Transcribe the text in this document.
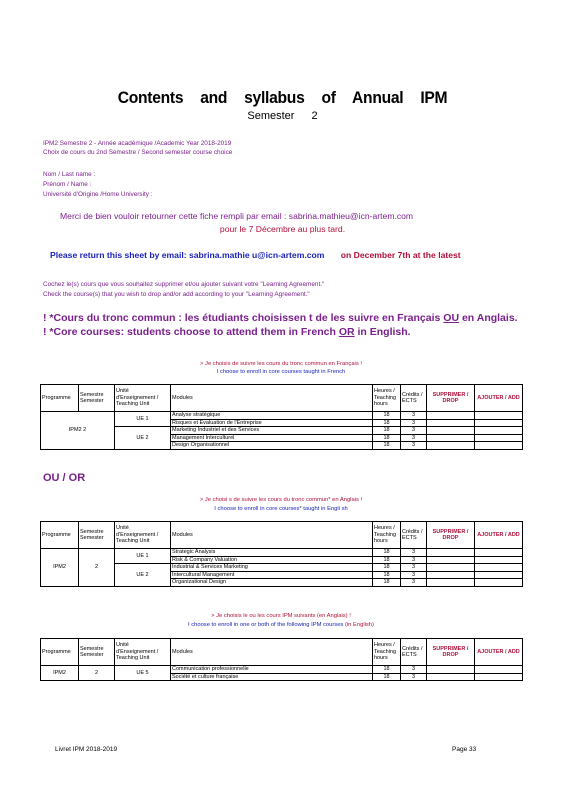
Contents and syllabus of Annual IPM
Semester 2
IPM2 Semestre 2 - Année académique /Academic Year 2018-2019
Choix de cours du 2nd Semestre / Second semester course choice
Nom / Last name :
Prénom / Name :
Université d'Origine /Home University :
Merci de bien vouloir retourner cette fiche rempli par email : sabrina.mathieu@icn-artem.com
pour le 7 Décembre au plus tard.
Please return this sheet by email: sabrina.mathie u@icn-artem.com on December 7th at the latest
Cochez le(s) cours que vous souhaitez supprimer et/ou ajouter suivant votre "Learning Agreement."
Check the course(s) that you wish to drop and/or add according to your "Learning Agreement."
! *Cours du tronc commun : les étudiants choisissen t de les suivre en Français OU en Anglais.
! *Core courses: students choose to attend them in French OR in English.
> Je choisis de suivre les cours du tronc commun en Français !
I choose to enroll in core courses taught in French
Programme	Semestre Semester	Unité d'Enseignement / Teaching Unit	Modules	Heures / Teaching hours	Crédits / ECTS	SUPPRIMER / DROP	AJOUTER / ADD
IPM2 2		UE 1	Analyse stratégique	18	3		
			Risques et Evaluation de l'Entreprise	18	3		
		UE 2	Marketing Industriel et des Services	18	3		
			Management Interculturel	18	3		
			Design Organisationnel	18	3		
OU / OR
> Je choisi s de suivre les cours du tronc commun* en Anglais !
I choose to enroll in core courses* taught in Engli sh
Programme	Semestre Semester	Unité d'Enseignement / Teaching Unit	Modules	Heures / Teaching hours	Crédits / ECTS	SUPPRIMER / DROP	AJOUTER / ADD
IPM2	2	UE 1	Strategic Analysis	18	3		
			Risk & Company Valuation	18	3		
		UE 2	Industrial & Services Marketing	18	3		
			Intercultural Management	18	3		
			Organizational Design	18	3		
> Je choisis le ou les cours IPM suivants (en Anglais) !
I choose to enroll in one or both of the following IPM courses (in English)
Programme	Semestre Semester	Unité d'Enseignement / Teaching Unit	Modules	Heures / Teaching hours	Crédits / ECTS	SUPPRIMER / DROP	AJOUTER / ADD
IPM2	2	UE 5	Communication professionnelle	18	3		
			Société et culture française	18	3		
Livret IPM 2018-2019	Page 33
